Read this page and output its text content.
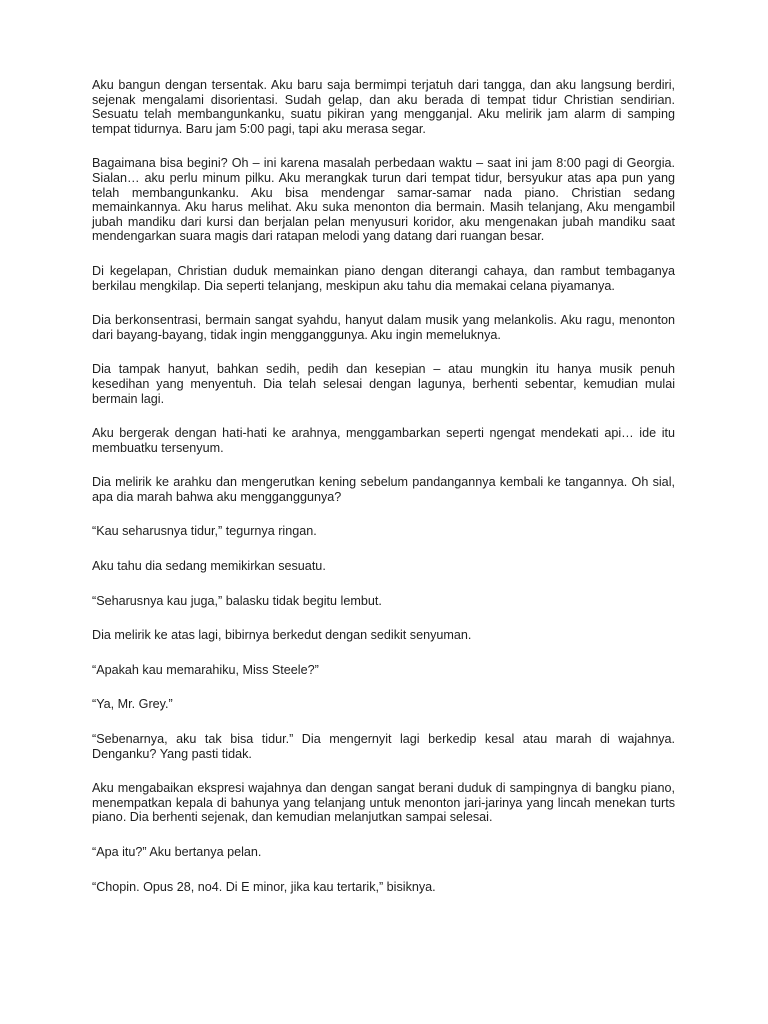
Aku bangun dengan tersentak. Aku baru saja bermimpi terjatuh dari tangga, dan aku langsung berdiri, sejenak mengalami disorientasi. Sudah gelap, dan aku berada di tempat tidur Christian sendirian. Sesuatu telah membangunkanku, suatu pikiran yang mengganjal. Aku melirik jam alarm di samping tempat tidurnya. Baru jam 5:00 pagi, tapi aku merasa segar.

Bagaimana bisa begini? Oh – ini karena masalah perbedaan waktu – saat ini jam 8:00 pagi di Georgia. Sialan… aku perlu minum pilku. Aku merangkak turun dari tempat tidur, bersyukur atas apa pun yang telah membangunkanku. Aku bisa mendengar samar-samar nada piano. Christian sedang memainkannya. Aku harus melihat. Aku suka menonton dia bermain. Masih telanjang, Aku mengambil jubah mandiku dari kursi dan berjalan pelan menyusuri koridor, aku mengenakan jubah mandiku saat mendengarkan suara magis dari ratapan melodi yang datang dari ruangan besar.

Di kegelapan, Christian duduk memainkan piano dengan diterangi cahaya, dan rambut tembaganya berkilau mengkilap. Dia seperti telanjang, meskipun aku tahu dia memakai celana piyamanya.

Dia berkonsentrasi, bermain sangat syahdu, hanyut dalam musik yang melankolis. Aku ragu, menonton dari bayang-bayang, tidak ingin mengganggunya. Aku ingin memeluknya.

Dia tampak hanyut, bahkan sedih, pedih dan kesepian – atau mungkin itu hanya musik penuh kesedihan yang menyentuh. Dia telah selesai dengan lagunya, berhenti sebentar, kemudian mulai bermain lagi.

Aku bergerak dengan hati-hati ke arahnya, menggambarkan seperti ngengat mendekati api… ide itu membuatku tersenyum.

Dia melirik ke arahku dan mengerutkan kening sebelum pandangannya kembali ke tangannya. Oh sial, apa dia marah bahwa aku mengganggunya?

“Kau seharusnya tidur,” tegurnya ringan.

Aku tahu dia sedang memikirkan sesuatu.

“Seharusnya kau juga,” balasku tidak begitu lembut.

Dia melirik ke atas lagi, bibirnya berkedut dengan sedikit senyuman.

“Apakah kau memarahiku, Miss Steele?”

“Ya, Mr. Grey.”

“Sebenarnya, aku tak bisa tidur.” Dia mengernyit lagi berkedip kesal atau marah di wajahnya. Denganku? Yang pasti tidak.

Aku mengabaikan ekspresi wajahnya dan dengan sangat berani duduk di sampingnya di bangku piano, menempatkan kepala di bahunya yang telanjang untuk menonton jari-jarinya yang lincah menekan turts piano. Dia berhenti sejenak, dan kemudian melanjutkan sampai selesai.

“Apa itu?” Aku bertanya pelan.

“Chopin. Opus 28, no4. Di E minor, jika kau tertarik,” bisiknya.
